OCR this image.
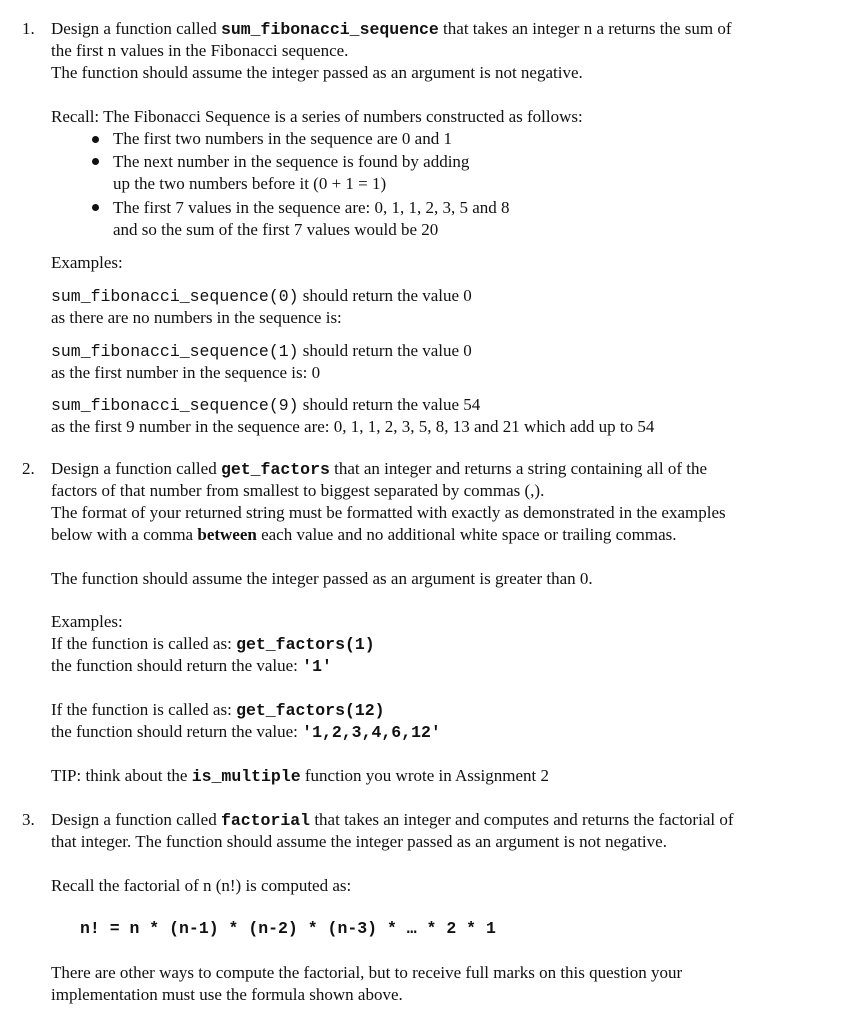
1. Design a function called sum_fibonacci_sequence that takes an integer n a returns the sum of
the first n values in the Fibonacci sequence.
The function should assume the integer passed as an argument is not negative.
Recall: The Fibonacci Sequence is a series of numbers constructed as follows:
The first two numbers in the sequence are 0 and 1
The next number in the sequence is found by adding
up the two numbers before it (0 + 1 = 1)
The first 7 values in the sequence are: 0, 1, 1, 2, 3, 5 and 8
and so the sum of the first 7 values would be 20
Examples:
sum_fibonacci_sequence(0) should return the value 0
as there are no numbers in the sequence is:
sum_fibonacci_sequence(1) should return the value 0
as the first number in the sequence is: 0
sum_fibonacci_sequence(9) should return the value 54
as the first 9 number in the sequence are: 0, 1, 1, 2, 3, 5, 8, 13 and 21 which add up to 54
2. Design a function called get_factors that an integer and returns a string containing all of the
factors of that number from smallest to biggest separated by commas (,).
The format of your returned string must be formatted with exactly as demonstrated in the examples
below with a comma between each value and no additional white space or trailing commas.
The function should assume the integer passed as an argument is greater than 0.
Examples:
If the function is called as: get_factors(1)
the function should return the value: '1'
If the function is called as: get_factors(12)
the function should return the value: '1,2,3,4,6,12'
TIP: think about the is_multiple function you wrote in Assignment 2
3. Design a function called factorial that takes an integer and computes and returns the factorial of
that integer. The function should assume the integer passed as an argument is not negative.
Recall the factorial of n (n!) is computed as:
n! = n * (n-1) * (n-2) * (n-3) * … * 2 * 1
There are other ways to compute the factorial, but to receive full marks on this question your
implementation must use the formula shown above.
